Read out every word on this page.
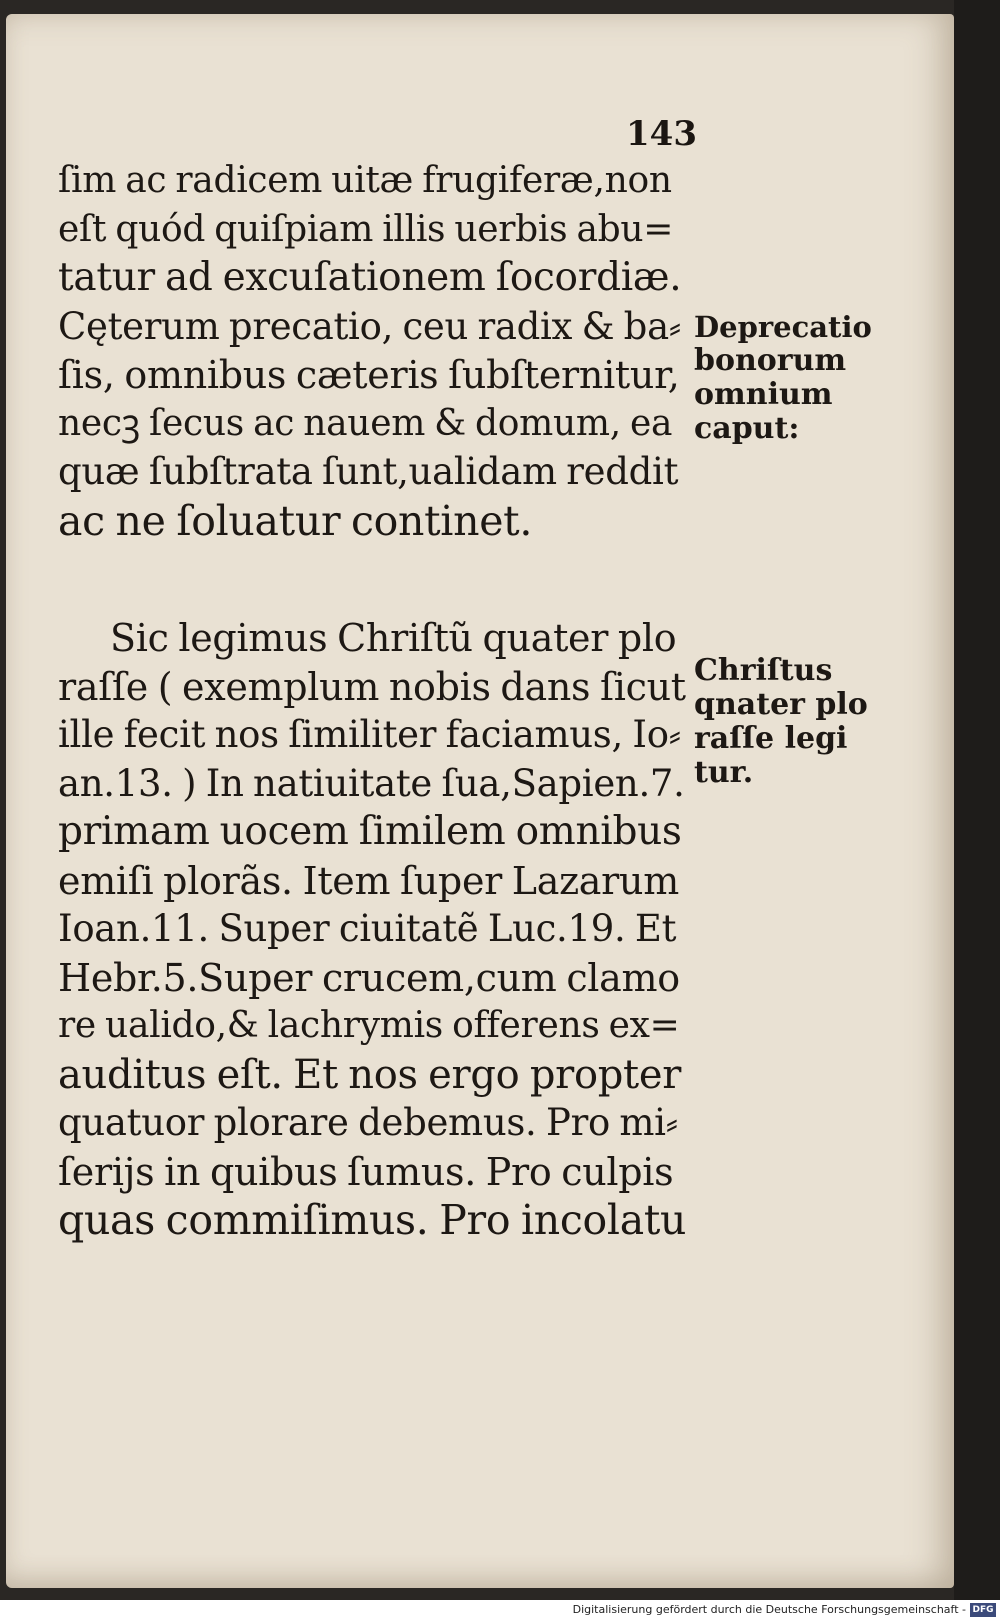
143
ſim ac radicem uitæ frugiferæ,non
eſt quód quiſpiam illis uerbis abu=
tatur ad excuſationem ſocordiæ.
Cęterum precatio, ceu radix & ba⸗
ſis, omnibus cæteris ſubſternitur,
necꝫ ſecus ac nauem & domum, ea
quæ ſubſtrata ſunt,ualidam reddit
ac ne ſoluatur continet.
Deprecatio
bonorum
omnium
caput:
Sic legimus Chriſtũ quater plo
raſſe ( exemplum nobis dans ſicut
ille fecit nos ſimiliter faciamus, Io⸗
an.13. ) In natiuitate ſua,Sapien.7.
primam uocem ſimilem omnibus
emiſi plorãs. Item ſuper Lazarum
Ioan.11. Super ciuitatẽ Luc.19. Et
Hebr.5.Super crucem,cum clamo
re ualido,& lachrymis offerens ex=
auditus eſt. Et nos ergo propter
quatuor plorare debemus. Pro mi⸗
ſerijs in quibus ſumus. Pro culpis
quas commiſimus. Pro incolatu
Chriſtus
qnater plo
raſſe legi
tur.
Digitalisierung gefördert durch die Deutsche Forschungsgemeinschaft - DFG
